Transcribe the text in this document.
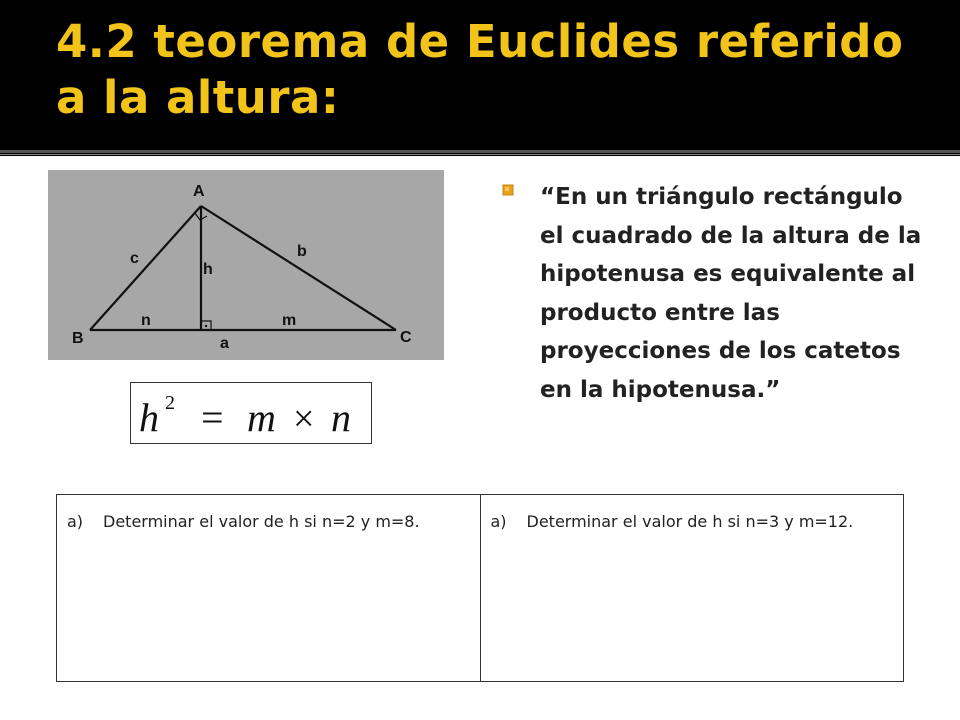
4.2 teorema de Euclides referido a la altura:
A
B	C
c	b
h
n	m
a
h 2 = m × n

“En un triángulo rectángulo el cuadrado de la altura de la hipotenusa es equivalente al producto entre las proyecciones de los catetos en la hipotenusa.”

a)	Determinar el valor de h si n=2 y m=8.	a)	Determinar el valor de h si n=3 y m=12.
